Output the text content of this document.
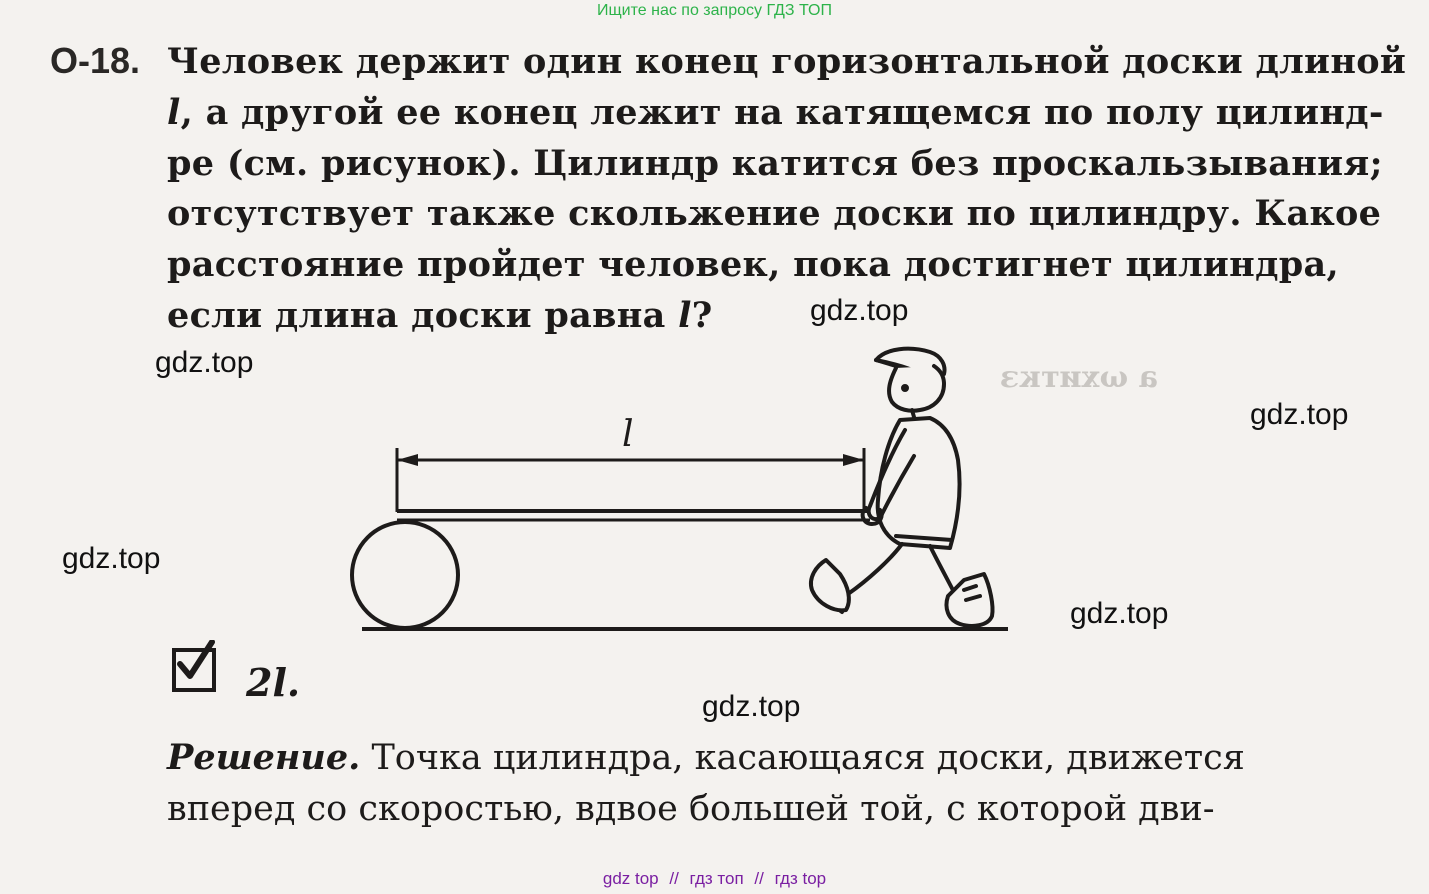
Ищите нас по запросу ГДЗ ТОП
a ωxиткз
О-18. Человек держит один конец горизонтальной доски длиной
l, а другой ее конец лежит на катящемся по полу цилинд-
ре (см. рисунок). Цилиндр катится без проскальзывания;
отсутствует также скольжение доски по цилиндру. Какое
расстояние пройдет человек, пока достигнет цилиндра,
если длина доски равна l?
l
2l.
Решение. Точка цилиндра, касающаяся доски, движется
вперед со скоростью, вдвое большей той, с которой дви-
gdz.top
gdz.top
gdz.top
gdz.top
gdz.top
gdz.top
gdz top // гдз топ // гдз top
